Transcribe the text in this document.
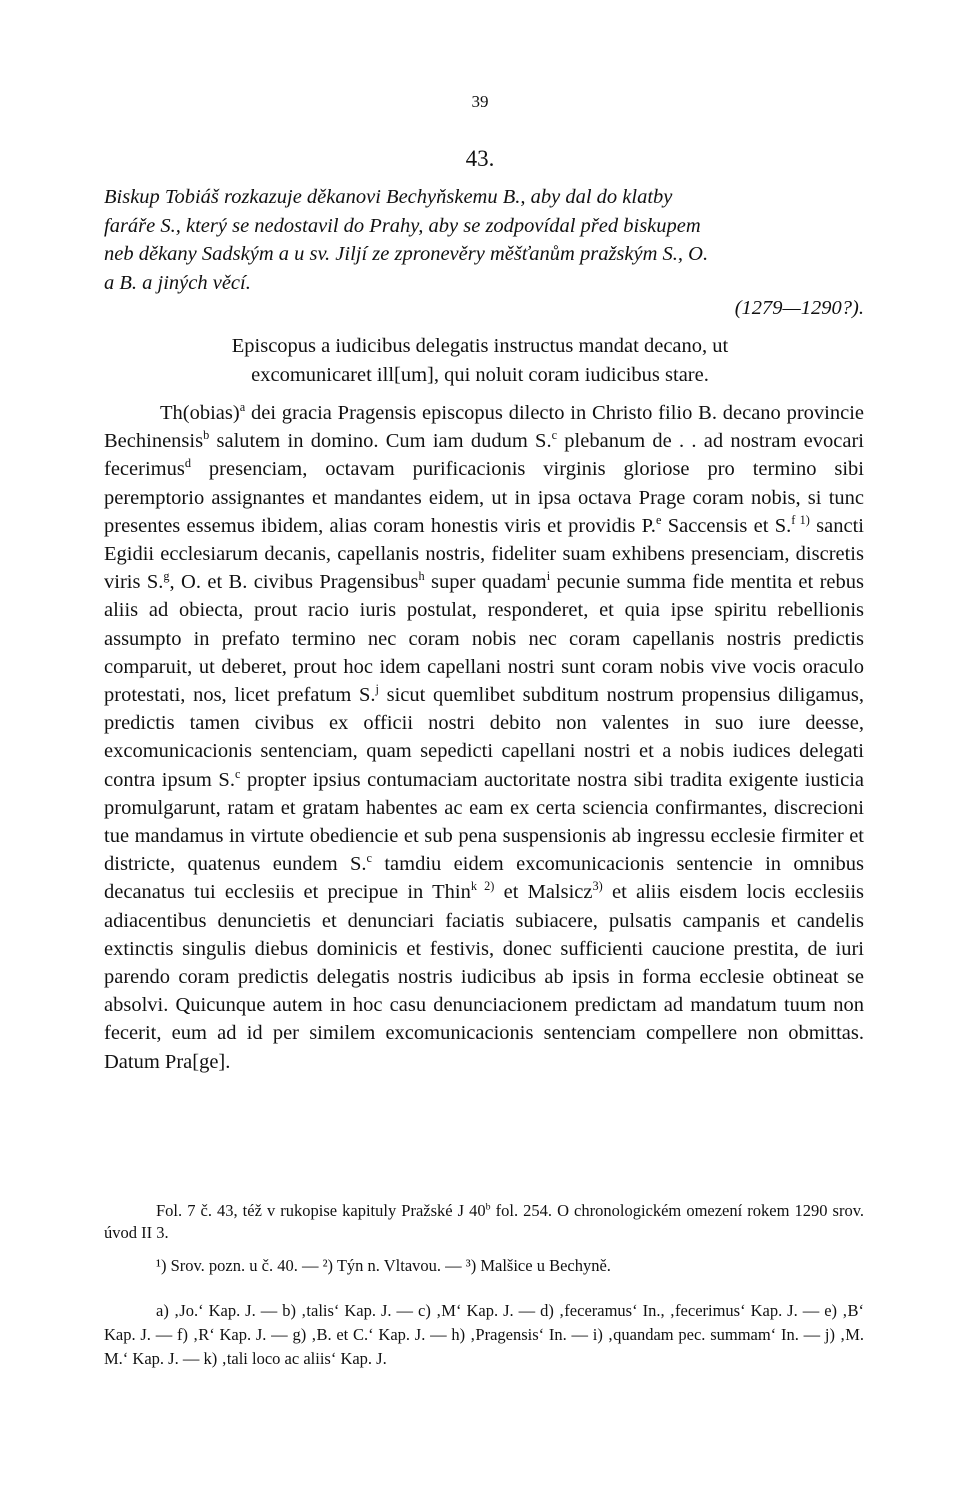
39
43.
Biskup Tobiáš rozkazuje děkanovi Bechyňskemu B., aby dal do klatby
faráře S., který se nedostavil do Prahy, aby se zodpovídal před biskupem
neb děkany Sadským a u sv. Jiljí ze zpronevěry měšťanům pražským S., O.
a B. a jiných věcí.
(1279—1290?).
Episcopus a iudicibus delegatis instructus mandat decano, ut
excomunicaret ill[um], qui noluit coram iudicibus stare.

Th(obias)$^a$ dei gracia Pragensis episcopus dilecto in Christo filio B. decano provincie Bechinensis$^b$ salutem in domino. Cum iam dudum S.$^c$ plebanum de . . ad nostram evocari fecerimus$^d$ presenciam, octavam purificacionis virginis gloriose pro termino sibi peremptorio assignantes et mandantes eidem, ut in ipsa octava Prage coram nobis, si tunc presentes essemus ibidem, alias coram honestis viris et providis P.$^e$ Saccensis et S.$^{f 1)}$ sancti Egidii ecclesiarum decanis, capellanis nostris, fideliter suam exhibens presenciam, discretis viris S.$^g$, O. et B. civibus Pragensibus$^h$ super quadam$^i$ pecunie summa fide mentita et rebus aliis ad obiecta, prout racio iuris postulat, responderet, et quia ipse spiritu rebellionis assumpto in prefato termino nec coram nobis nec coram capellanis nostris predictis comparuit, ut deberet, prout hoc idem capellani nostri sunt coram nobis vive vocis oraculo protestati, nos, licet prefatum S.$^j$ sicut quemlibet subditum nostrum propensius diligamus, predictis tamen civibus ex officii nostri debito non valentes in suo iure deesse, excomunicacionis sentenciam, quam sepedicti capellani nostri et a nobis iudices delegati contra ipsum S.$^c$ propter ipsius contumaciam auctoritate nostra sibi tradita exigente iusticia promulgarunt, ratam et gratam habentes ac eam ex certa sciencia confirmantes, discrecioni tue mandamus in virtute obediencie et sub pena suspensionis ab ingressu ecclesie firmiter et districte, quatenus eundem S.$^c$ tamdiu eidem excomunicacionis sentencie in omnibus decanatus tui ecclesiis et precipue in Thin$^{k 2)}$ et Malsicz$^{3)}$ et aliis eisdem locis ecclesiis adiacentibus denuncietis et denunciari faciatis subiacere, pulsatis campanis et candelis extinctis singulis diebus dominicis et festivis, donec sufficienti caucione prestita, de iuri parendo coram predictis delegatis nostris iudicibus ab ipsis in forma ecclesie obtineat se absolvi. Quicunque autem in hoc casu denunciacionem predictam ad mandatum tuum non fecerit, eum ad id per similem excomunicacionis sentenciam compellere non obmittas. Datum Pra[ge].

Fol. 7 č. 43, též v rukopise kapituly Pražské J 40$^b$ fol. 254. O chronologickém omezení rokem 1290 srov. úvod II 3.
¹) Srov. pozn. u č. 40. — ²) Týn n. Vltavou. — ³) Malšice u Bechyně.
a) ‚Jo.‘ Kap. J. — b) ‚talis‘ Kap. J. — c) ‚M‘ Kap. J. — d) ‚feceramus‘ In., ‚fecerimus‘ Kap. J. — e) ‚B‘ Kap. J. — f) ‚R‘ Kap. J. — g) ‚B. et C.‘ Kap. J. — h) ‚Pragensis‘ In. — i) ‚quandam pec. summam‘ In. — j) ‚M. M.‘ Kap. J. — k) ‚tali loco ac aliis‘ Kap. J.
